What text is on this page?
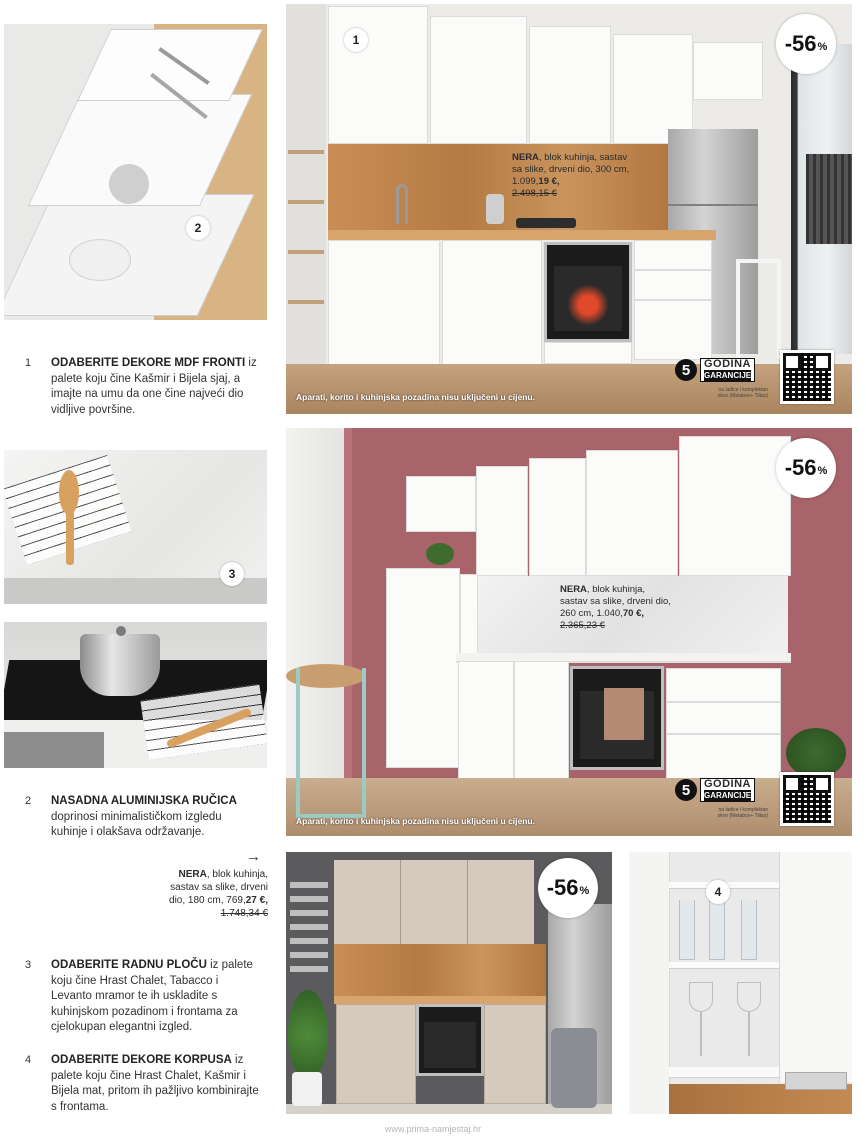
2
1	-56 %
NERA, blok kuhinja, sastav sa slike, drveni dio, 300 cm, 1.099,19 €,
2.498,15 €
Aparati, korito i kuhinjska pozadina nisu uključeni u cijenu.
5	GODINA
GARANCIJE
na ladice i komplektan
okov (Metabox+ Tiltas)
1 ODABERITE DEKORE MDF FRONTI iz palete koju čine Kašmir i Bijela sjaj, a imajte na umu da one čine najveći dio vidljive površine.
3
2 NASADNA ALUMINIJSKA RUČICA
doprinosi minimalističkom izgledu kuhinje i olakšava održavanje.
-56 %
NERA, blok kuhinja, sastav sa slike, drveni dio, 260 cm, 1.040,70 €,
2.365,23 €
Aparati, korito i kuhinjska pozadina nisu uključeni u cijenu.
5	GODINA
GARANCIJE
na ladice i komplektan
okov (Metabox+ Tiltas)
→
NERA, blok kuhinja, sastav sa slike, drveni dio, 180 cm, 769,27 €,
1.748,34 €
3 ODABERITE RADNU PLOČU iz palete koju čine Hrast Chalet, Tabacco i Levanto mramor te ih uskladite s kuhinjskom pozadinom i frontama za cjelokupan elegantni izgled.
4 ODABERITE DEKORE KORPUSA iz palete koju čine Hrast Chalet, Kašmir i Bijela mat, pritom ih pažljivo kombinirajte s frontama.
-56 %	4
www.prima-namjestaj.hr
